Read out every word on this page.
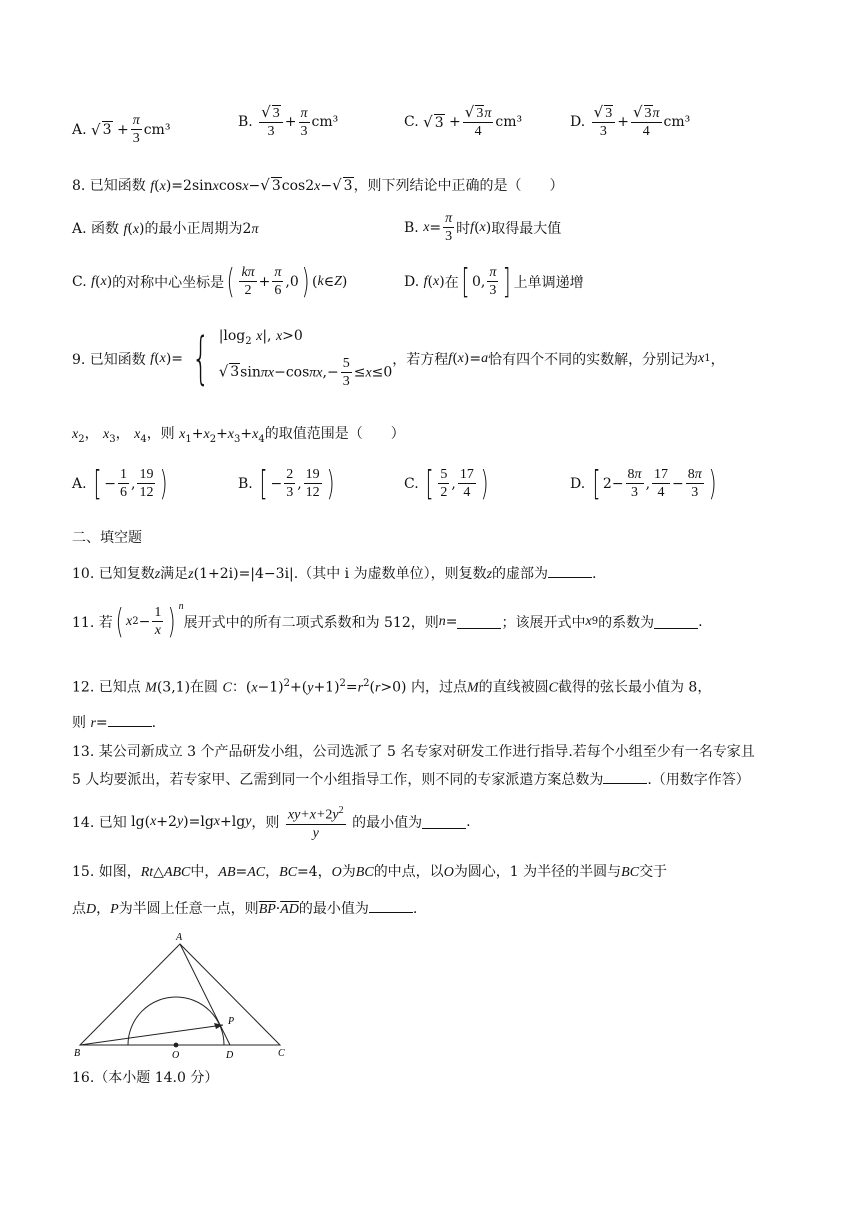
A.
√ $3 + \frac{\pi}{3} cm^3$	B.
$\frac{√ 3}{3} + \frac{\pi}{3} cm^3$	C.
√ $3 + \frac{√ 3\pi}{4} cm^3$	D.
$\frac{√ 3}{3} + \frac{√ 3\pi}{4} cm^3$
8. 已知函数 f(x)=2sinxcosx−√ 3cos2x−√ 3，则下列结论中正确的是（　　）
A. 函数 f(x)的最小正周期为2π	B.
$x = \frac{\pi}{3}$ 时 f ( x ) 取得最大值
C.
f ( x ) 的对称中心坐标是 ( $\frac{k\pi}{2} + \frac{\pi}{6} ,0$ ) ( k ∈ Z )	D.
f ( x ) 在 [ 0, $\frac{\pi}{3}$ ] 上单调递增
9. 已知函数
f ( x )= { $|\log_2$ x|, x>0
√ $3\sin\pi x-\cos\pi x,- \frac{5}{3} \le x\le 0$
，若方程 f ( x )= a 恰有四个不同的实数解，分别记为 x 1 ，
$x_2$， $x_3$， $x_4$，则 $x_1+x_2+x_3+x_4$的取值范围是（　　）
A.
[ − $\frac{1}{6}$ , $\frac{19}{12}$ )	B.
[ − $\frac{2}{3}$ , $\frac{19}{12}$ )	C.
[ $\frac{5}{2}$ , $\frac{17}{4}$ )	D.
[ $2- \frac{8\pi}{3}$ , $\frac{17}{4} - \frac{8\pi}{3}$ )
二、填空题
10. 已知复数z满足z(1+2i)=|4−3i|.（其中 i 为虚数单位），则复数z的虚部为	.
11. 若 ( x $2 - \frac{1}{x}$ ) n
展开式中的所有二项式系数和为 512，则 n =	；该展开式中 x 9 的系数为	.
12. 已知点 M(3,1)在圆 C：$(x-1)^2+(y+1)^2=r^2(r>0)$ 内，过点M的直线被圆C截得的弦长最小值为 8，
则 r=	.
13. 某公司新成立 3 个产品研发小组，公司选派了 5 名专家对研发工作进行指导.若每个小组至少有一名专家且
5 人均要派出，若专家甲、乙需到同一个小组指导工作，则不同的专家派遣方案总数为	.（用数字作答）
14. 已知 lg( x +2 y )=lg x +lg y ，则
$\frac{xy+x+2y^2}{y}$
的最小值为	.
15. 如图，Rt△ABC中，AB=AC，BC=4，O为BC的中点，以O为圆心，1 为半径的半圆与BC交于
点D，P为半圆上任意一点，则$\overline{BP}\cdot\overline{AD}$的最小值为	.
A
P
B	O	D	C
16.（本小题 14.0 分）
